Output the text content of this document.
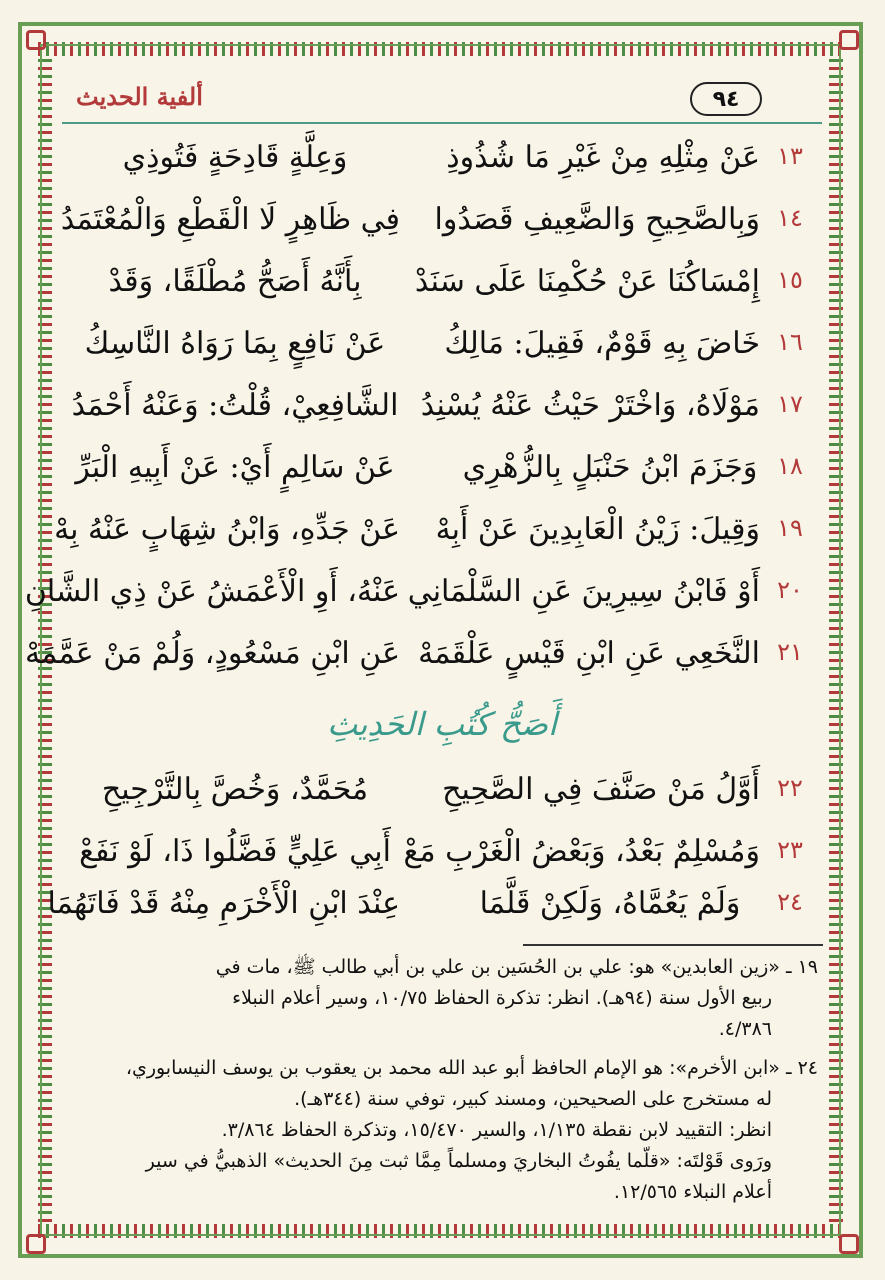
٩٤
ألفية الحديث
١٣
عَنْ مِثْلِهِ مِنْ غَيْرِ مَا شُذُوذِ
وَعِلَّةٍ قَادِحَةٍ فَتُوذِي
١٤
وَبِالصَّحِيحِ وَالضَّعِيفِ قَصَدُوا
فِي ظَاهِرٍ لَا الْقَطْعِ وَالْمُعْتَمَدُ
١٥
إِمْسَاكُنَا عَنْ حُكْمِنَا عَلَى سَنَدْ
بِأَنَّهُ أَصَحُّ مُطْلَقًا، وَقَدْ
١٦
خَاضَ بِهِ قَوْمٌ، فَقِيلَ: مَالِكُ
عَنْ نَافِعٍ بِمَا رَوَاهُ النَّاسِكُ
١٧
مَوْلَاهُ، وَاخْتَرْ حَيْثُ عَنْهُ يُسْنِدُ
الشَّافِعِيْ، قُلْتُ: وَعَنْهُ أَحْمَدُ
١٨
وَجَزَمَ ابْنُ حَنْبَلٍ بِالزُّهْرِي
عَنْ سَالِمٍ أَيْ: عَنْ أَبِيهِ الْبَرِّ
١٩
وَقِيلَ: زَيْنُ الْعَابِدِينَ عَنْ أَبِهْ
عَنْ جَدِّهِ، وَابْنُ شِهَابٍ عَنْهُ بِهْ
٢٠
أَوْ فَابْنُ سِيرِينَ عَنِ السَّلْمَانِي
عَنْهُ، أَوِ الْأَعْمَشُ عَنْ ذِي الشَّانِ
٢١
النَّخَعِي عَنِ ابْنِ قَيْسٍ عَلْقَمَهْ
عَنِ ابْنِ مَسْعُودٍ، وَلُمْ مَنْ عَمَّمَهْ
٢٢
أَوَّلُ مَنْ صَنَّفَ فِي الصَّحِيحِ
مُحَمَّدٌ، وَخُصَّ بِالتَّرْجِيحِ
٢٣
وَمُسْلِمٌ بَعْدُ، وَبَعْضُ الْغَرْبِ مَعْ
أَبِي عَلِيٍّ فَضَّلُوا ذَا، لَوْ نَفَعْ
٢٤
وَلَمْ يَعُمَّاهُ، وَلَكِنْ قَلَّمَا
عِنْدَ ابْنِ الْأَخْرَمِ مِنْهُ قَدْ فَاتَهُمَا
أَصَحُّ كُتُبِ الحَدِيثِ
١٩ ـ «زين العابدين» هو: علي بن الحُسَين بن علي بن أبي طالب ﷺ، مات في
ربيع الأول سنة (٩٤هـ). انظر: تذكرة الحفاظ ١٠/٧٥، وسير أعلام النبلاء
٤/٣٨٦.
٢٤ ـ «ابن الأخرم»: هو الإمام الحافظ أبو عبد الله محمد بن يعقوب بن يوسف النيسابوري،
له مستخرج على الصحيحين، ومسند كبير، توفي سنة (٣٤٤هـ).
انظر: التقييد لابن نقطة ١/١٣٥، والسير ١٥/٤٧٠، وتذكرة الحفاظ ٣/٨٦٤.
ورَوى قَوْلتَه: «قلّما يفُوتُ البخاريَ ومسلماً مِمَّا ثبت مِنَ الحديث» الذهبيُّ في سير
أعلام النبلاء ١٢/٥٦٥.
